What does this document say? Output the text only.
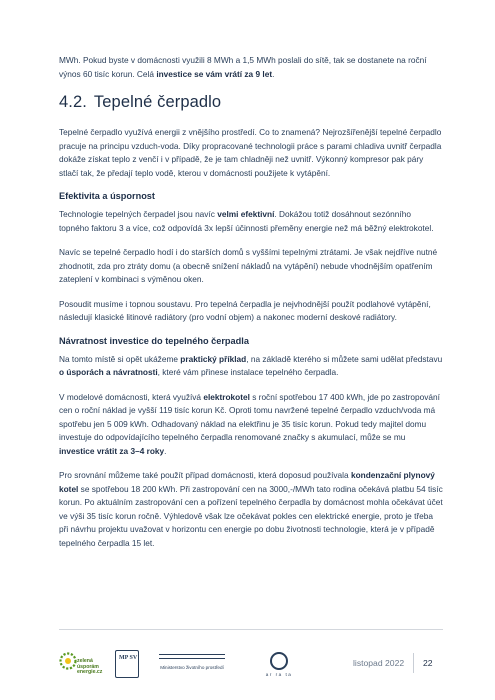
MWh. Pokud byste v domácnosti využili 8 MWh a 1,5 MWh poslali do sítě, tak se dostanete na roční výnos 60 tisíc korun. Celá investice se vám vrátí za 9 let.

4.2. Tepelné čerpadlo

Tepelné čerpadlo využívá energii z vnějšího prostředí. Co to znamená? Nejrozšířenější tepelné čerpadlo pracuje na principu vzduch-voda. Díky propracované technologii práce s parami chladiva uvnitř čerpadla dokáže získat teplo z venčí i v případě, že je tam chladněji než uvnitř. Výkonný kompresor pak páry stlačí tak, že předají teplo vodě, kterou v domácnosti použijete k vytápění.

Efektivita a úspornost

Technologie tepelných čerpadel jsou navíc velmi efektivní. Dokážou totiž dosáhnout sezónního topného faktoru 3 a více, což odpovídá 3x lepší účinnosti přeměny energie než má běžný elektrokotel.

Navíc se tepelné čerpadlo hodí i do starších domů s vyššími tepelnými ztrátami. Je však nejdříve nutné zhodnotit, zda pro ztráty domu (a obecně snížení nákladů na vytápění) nebude vhodnějším opatřením zateplení v kombinaci s výměnou oken.

Posoudit musíme i topnou soustavu. Pro tepelná čerpadla je nejvhodnější použít podlahové vytápění, následují klasické litinové radiátory (pro vodní objem) a nakonec moderní deskové radiátory.

Návratnost investice do tepelného čerpadla

Na tomto místě si opět ukážeme praktický příklad, na základě kterého si můžete sami udělat představu o úsporách a návratnosti, které vám přinese instalace tepelného čerpadla.

V modelové domácnosti, která využívá elektrokotel s roční spotřebou 17 400 kWh, jde po zastropování cen o roční náklad je vyšší 119 tisíc korun Kč. Oproti tomu navržené tepelné čerpadlo vzduch/voda má spotřebu jen 5 009 kWh. Odhadovaný náklad na elektřinu je 35 tisíc korun. Pokud tedy majitel domu investuje do odpovídajícího tepelného čerpadla renomované značky s akumulací, může se mu investice vrátit za 3–4 roky.

Pro srovnání můžeme také použít případ domácnosti, která doposud používala kondenzační plynový kotel se spotřebou 18 200 kWh. Při zastropování cen na 3000,-/MWh tato rodina očekává platbu 54 tisíc korun. Po aktuálním zastropování cen a pořízení tepelného čerpadla by domácnost mohla očekávat účet ve výši 35 tisíc korun ročně. Výhledově však lze očekávat pokles cen elektrické energie, proto je třeba při návrhu projektu uvažovat v horizontu cen energie po dobu životnosti technologie, která je v případě tepelného čerpadla 15 let.

zelená
úsporám
energie.cz
MP SV
Ministerstvo životního prostředí
ar ra ta
listopad 2022 22
